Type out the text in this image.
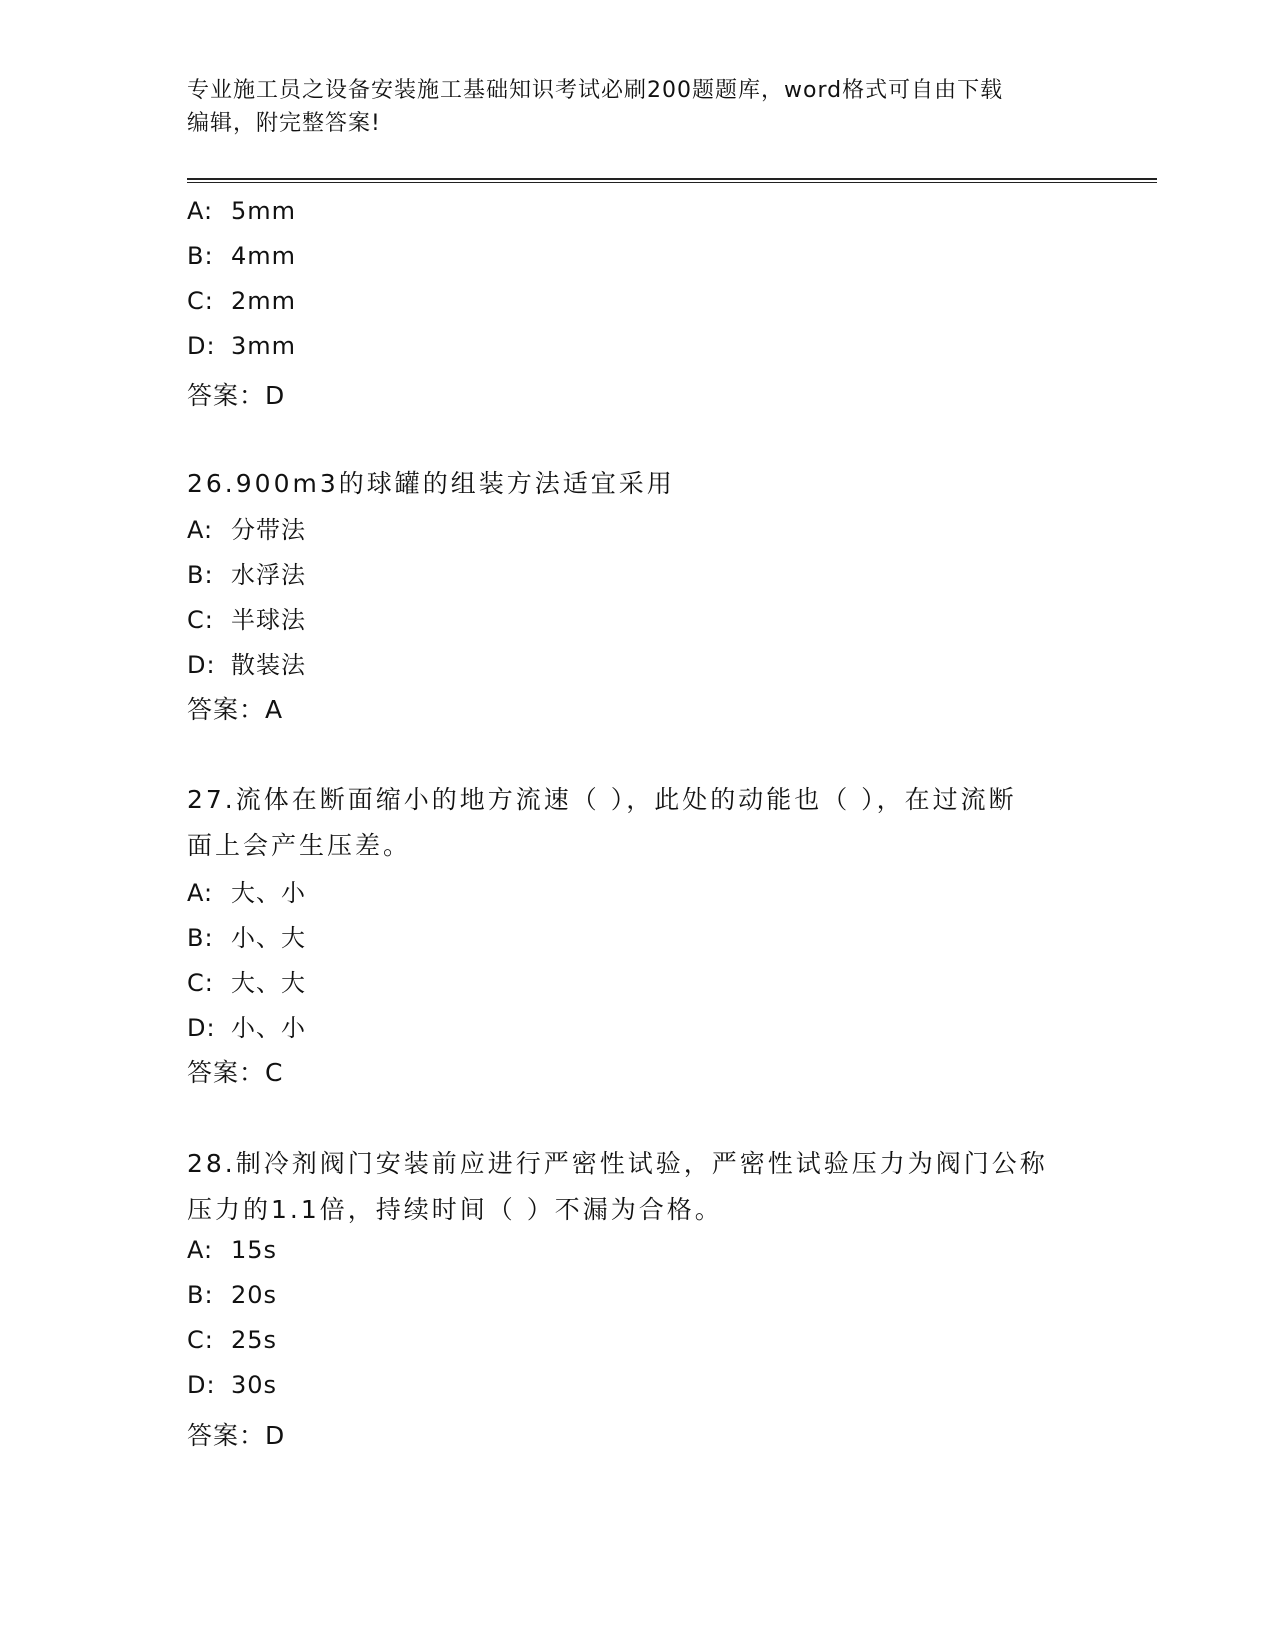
专业施工员之设备安装施工基础知识考试必刷200题题库，word格式可自由下载
编辑，附完整答案!
A: 5mm
B: 4mm
C: 2mm
D: 3mm
答案：D
26.900m3的球罐的组装方法适宜采用
A: 分带法
B: 水浮法
C: 半球法
D: 散装法
答案：A
27.流体在断面缩小的地方流速（ ），此处的动能也（ ），在过流断
面上会产生压差。
A: 大、小
B: 小、大
C: 大、大
D: 小、小
答案：C
28.制冷剂阀门安装前应进行严密性试验，严密性试验压力为阀门公称
压力的1.1倍，持续时间（ ）不漏为合格。
A: 15s
B: 20s
C: 25s
D: 30s
答案：D
